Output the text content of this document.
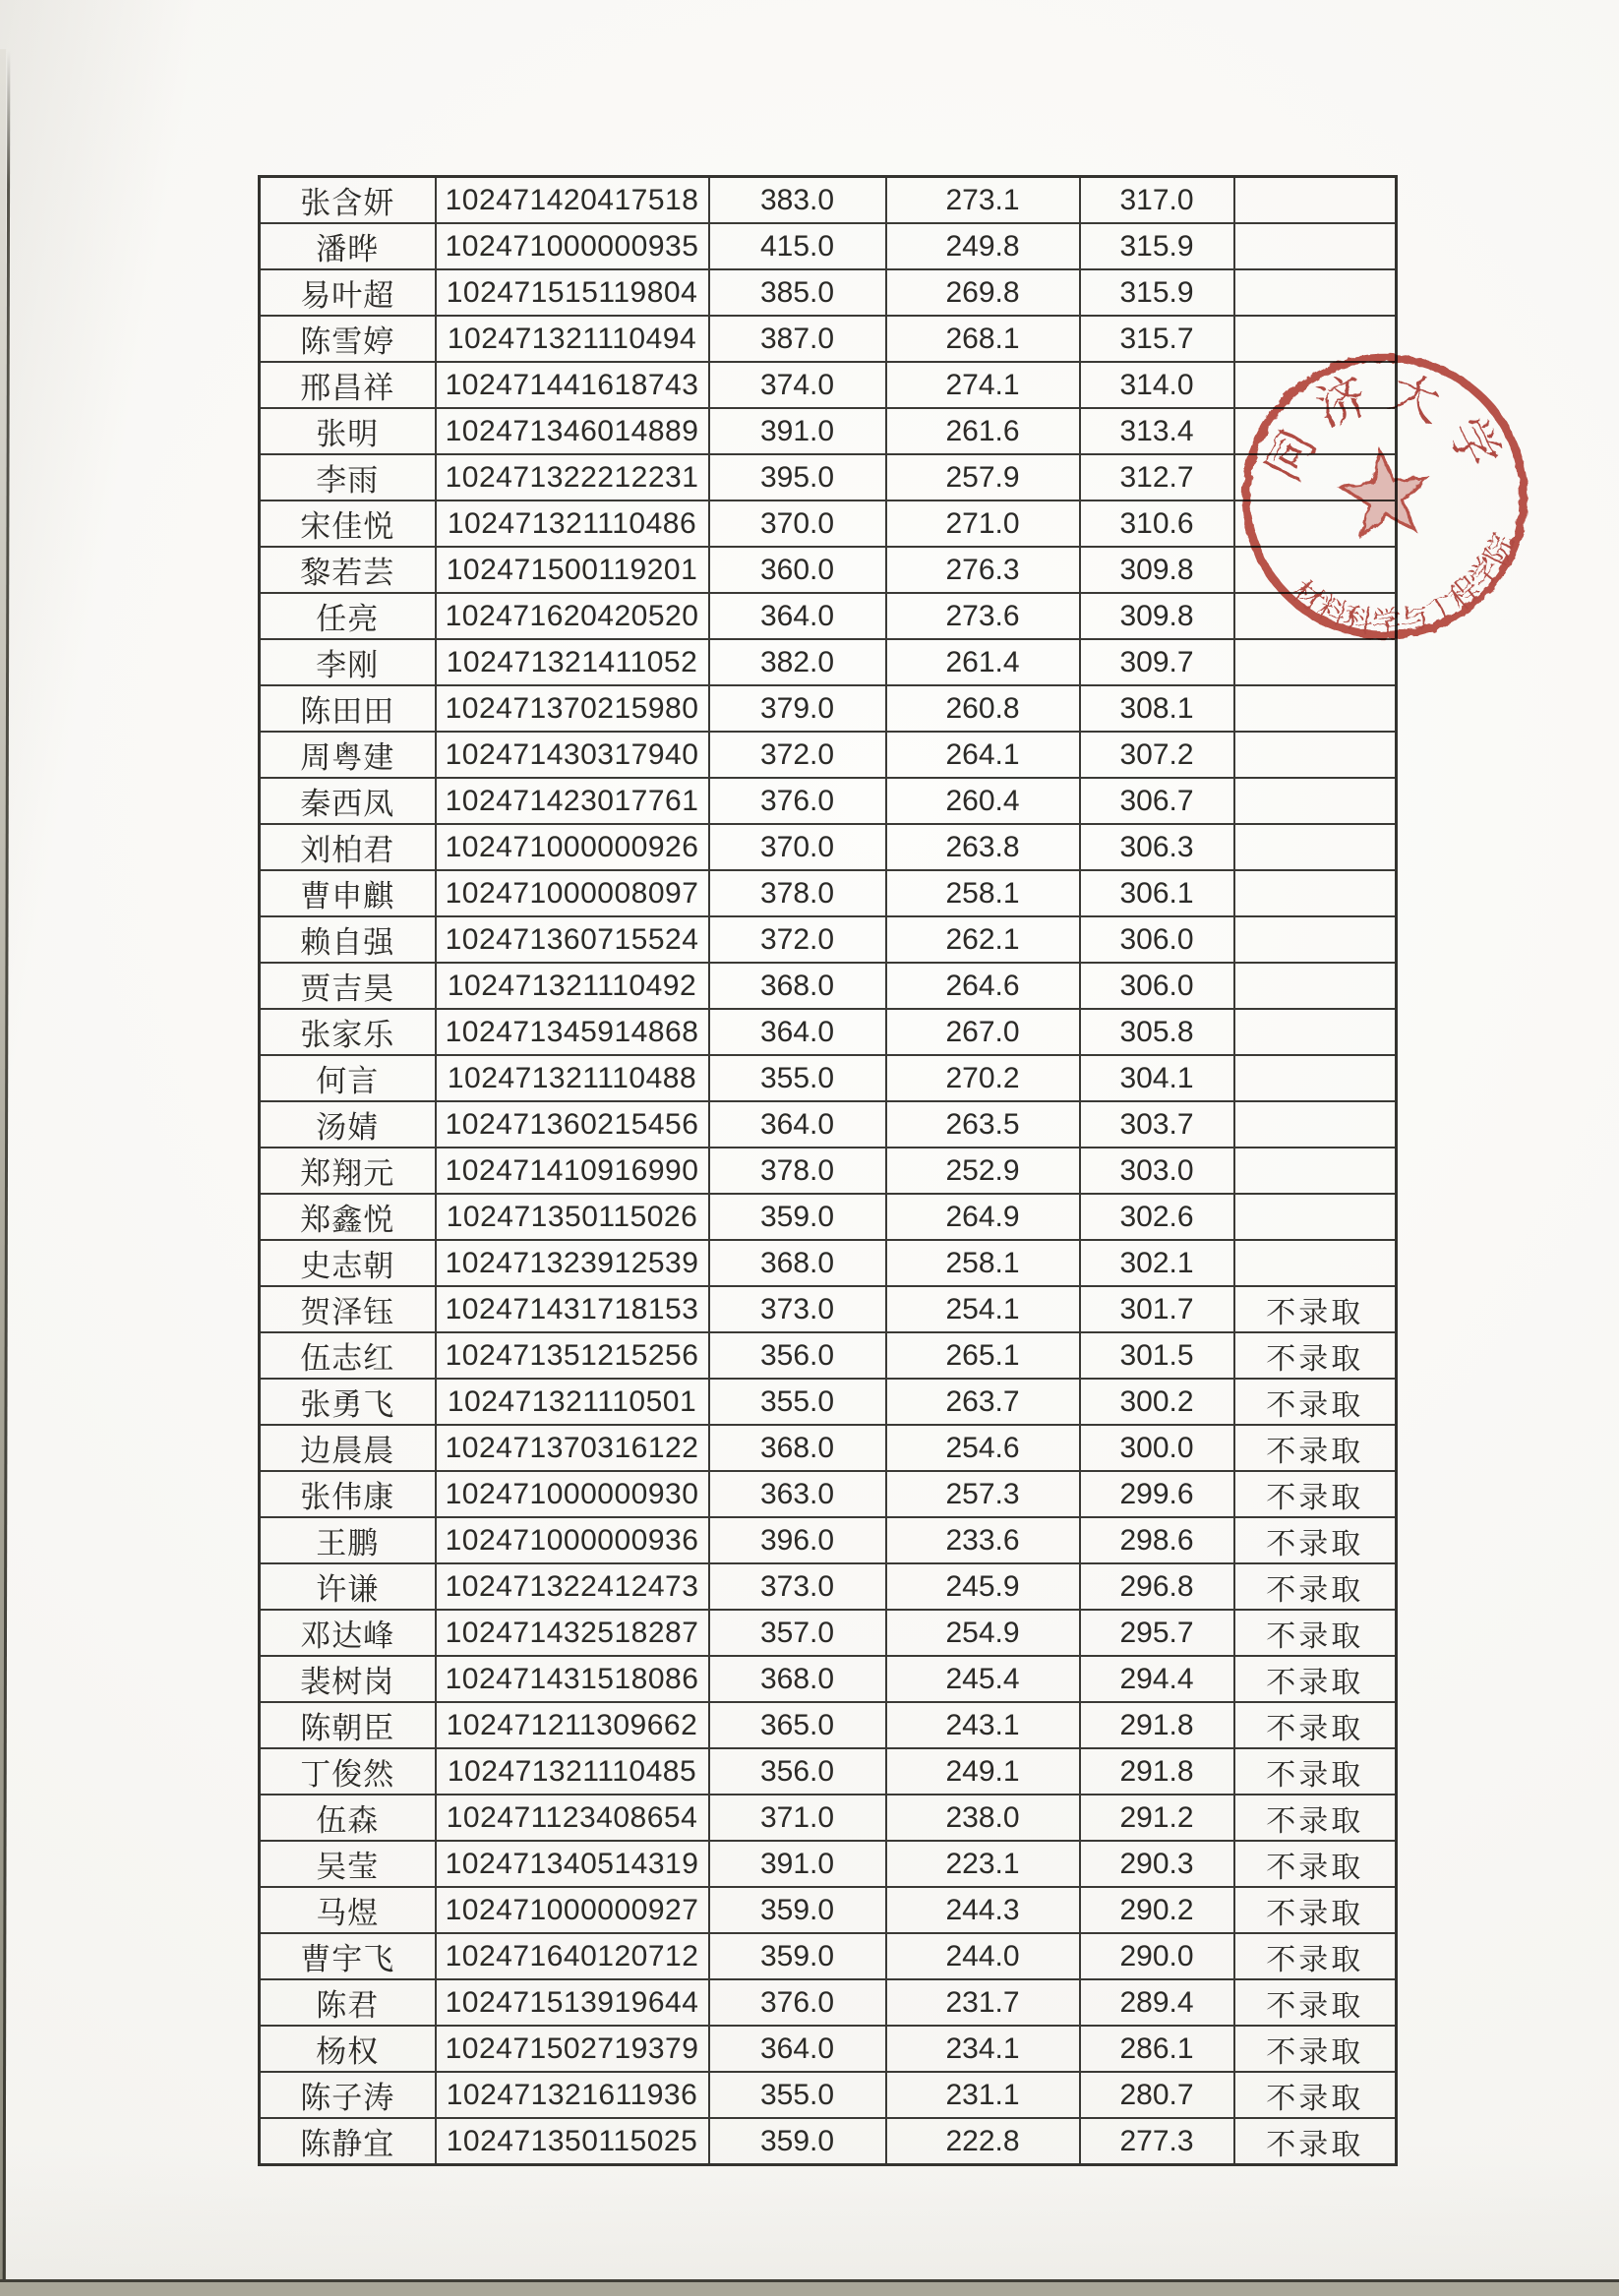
张含妍	102471420417518	383.0	273.1	317.0	
潘晔	102471000000935	415.0	249.8	315.9	
易叶超	102471515119804	385.0	269.8	315.9	
陈雪婷	102471321110494	387.0	268.1	315.7	
邢昌祥	102471441618743	374.0	274.1	314.0	
张明	102471346014889	391.0	261.6	313.4	
李雨	102471322212231	395.0	257.9	312.7	
宋佳悦	102471321110486	370.0	271.0	310.6	
黎若芸	102471500119201	360.0	276.3	309.8	
任亮	102471620420520	364.0	273.6	309.8	
李刚	102471321411052	382.0	261.4	309.7	
陈田田	102471370215980	379.0	260.8	308.1	
周粤建	102471430317940	372.0	264.1	307.2	
秦西凤	102471423017761	376.0	260.4	306.7	
刘柏君	102471000000926	370.0	263.8	306.3	
曹申麒	102471000008097	378.0	258.1	306.1	
赖自强	102471360715524	372.0	262.1	306.0	
贾吉昊	102471321110492	368.0	264.6	306.0	
张家乐	102471345914868	364.0	267.0	305.8	
何言	102471321110488	355.0	270.2	304.1	
汤婧	102471360215456	364.0	263.5	303.7	
郑翔元	102471410916990	378.0	252.9	303.0	
郑鑫悦	102471350115026	359.0	264.9	302.6	
史志朝	102471323912539	368.0	258.1	302.1	
贺泽钰	102471431718153	373.0	254.1	301.7	不录取
伍志红	102471351215256	356.0	265.1	301.5	不录取
张勇飞	102471321110501	355.0	263.7	300.2	不录取
边晨晨	102471370316122	368.0	254.6	300.0	不录取
张伟康	102471000000930	363.0	257.3	299.6	不录取
王鹏	102471000000936	396.0	233.6	298.6	不录取
许谦	102471322412473	373.0	245.9	296.8	不录取
邓达峰	102471432518287	357.0	254.9	295.7	不录取
裴树岗	102471431518086	368.0	245.4	294.4	不录取
陈朝臣	102471211309662	365.0	243.1	291.8	不录取
丁俊然	102471321110485	356.0	249.1	291.8	不录取
伍森	102471123408654	371.0	238.0	291.2	不录取
吴莹	102471340514319	391.0	223.1	290.3	不录取
马煜	102471000000927	359.0	244.3	290.2	不录取
曹宇飞	102471640120712	359.0	244.0	290.0	不录取
陈君	102471513919644	376.0	231.7	289.4	不录取
杨权	102471502719379	364.0	234.1	286.1	不录取
陈子涛	102471321611936	355.0	231.1	280.7	不录取
陈静宜	102471350115025	359.0	222.8	277.3	不录取
同济大学
材料科学与工程学院
